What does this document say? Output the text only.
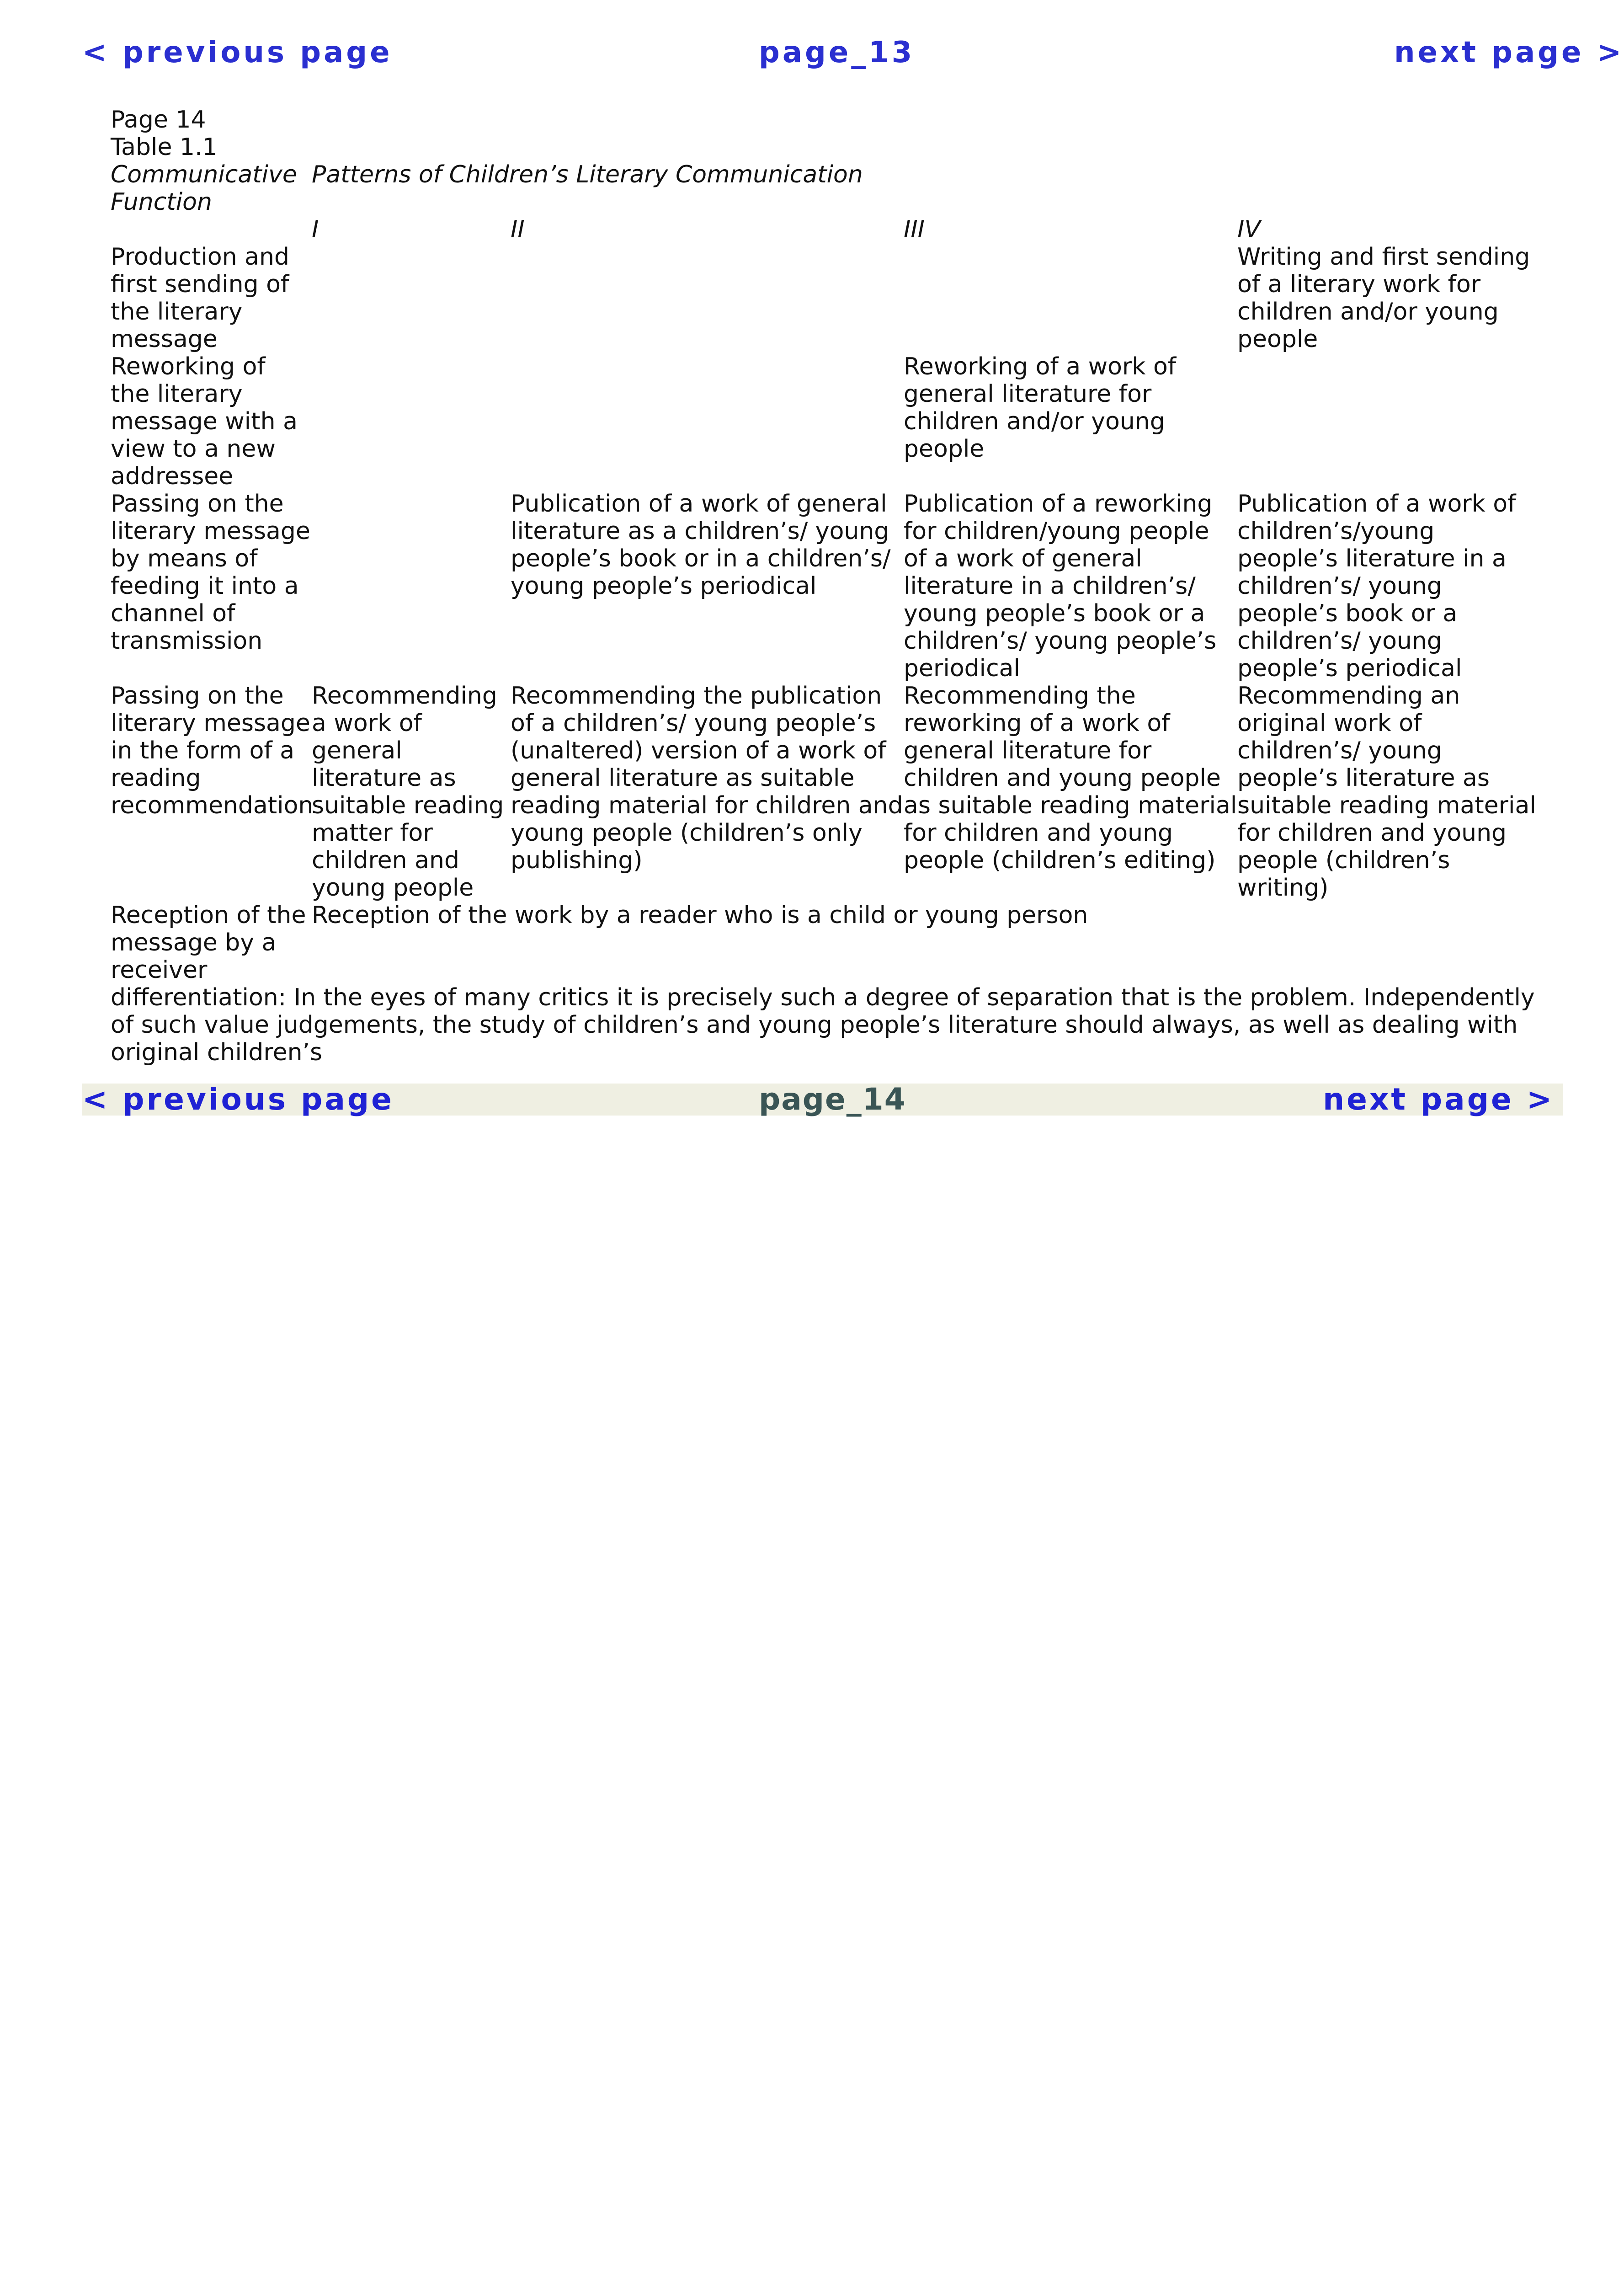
< previous page	page_13	next page >
Page 14
Table 1.1
Communicative Function	Patterns of Children’s Literary Communication			
	I	II	III	IV
Production and first sending of the literary message				Writing and first sending of a literary work for children and/or young people
Reworking of the literary message with a view to a new addressee			Reworking of a work of general literature for children and/or young people	
Passing on the literary message by means of feeding it into a channel of transmission		Publication of a work of general literature as a children’s/ young people’s book or in a children’s/ young people’s periodical	Publication of a reworking for children/young people of a work of general literature in a children’s/ young people’s book or a children’s/ young people’s periodical	Publication of a work of children’s/young people’s literature in a children’s/ young people’s book or a children’s/ young people’s periodical
Passing on the literary message in the form of a reading recommendation	Recommending a work of general literature as suitable reading matter for children and young people	Recommending the publication of a children’s/ young people’s (unaltered) version of a work of general literature as suitable reading material for children and young people (children’s only publishing)	Recommending the reworking of a work of general literature for children and young people as suitable reading material for children and young people (children’s editing)	Recommending an original work of children’s/ young people’s literature as suitable reading material for children and young people (children’s writing)
Reception of the message by a receiver	Reception of the work by a reader who is a child or young person			
differentiation: In the eyes of many critics it is precisely such a degree of separation that is the problem. Independently of such value judgements, the study of children’s and young people’s literature should always, as well as dealing with original children’s
< previous page	page_14	next page >
